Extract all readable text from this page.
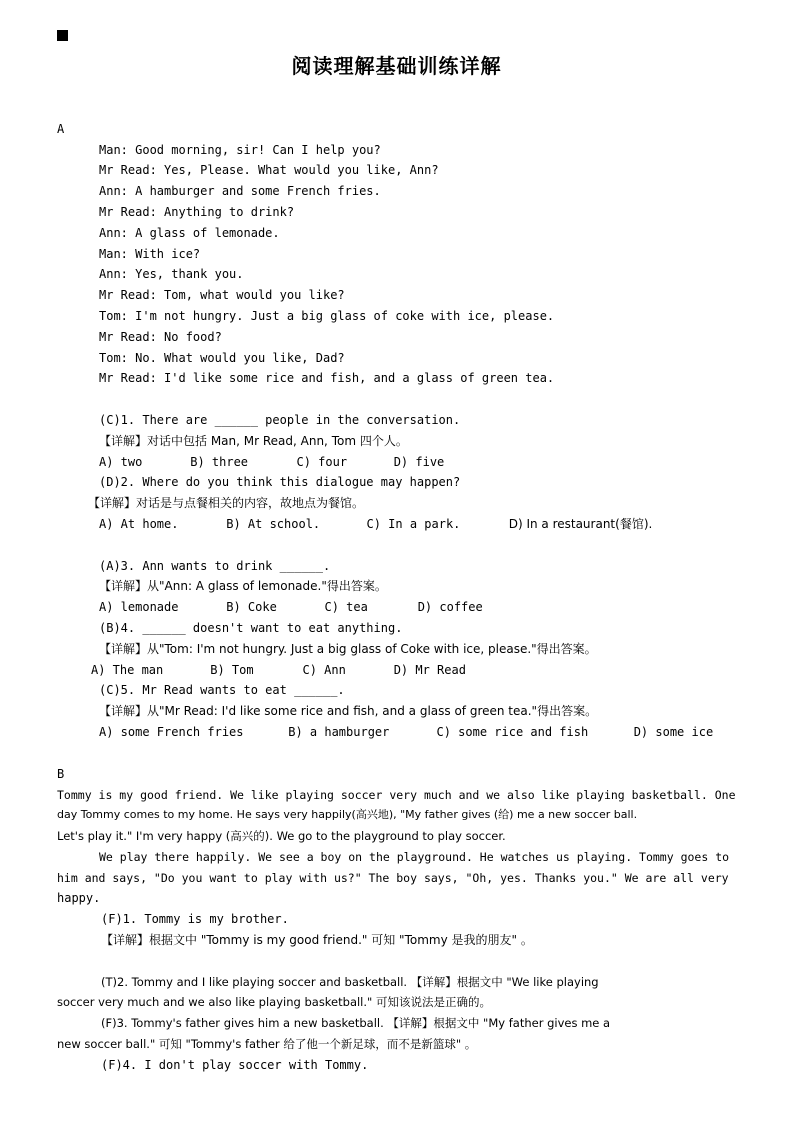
阅读理解基础训练详解
A
Man: Good morning, sir! Can I help you?
Mr Read: Yes, Please. What would you like, Ann?
Ann: A hamburger and some French fries.
Mr Read: Anything to drink?
Ann: A glass of lemonade.
Man: With ice?
Ann: Yes, thank you.
Mr Read: Tom, what would you like?
Tom: I'm not hungry. Just a big glass of coke with ice, please.
Mr Read: No food?
Tom: No. What would you like, Dad?
Mr Read: I'd like some rice and fish, and a glass of green tea.
(C)1. There are ______ people in the conversation.
【详解】对话中包括 Man, Mr Read, Ann, Tom 四个人。
A) two	B) three	C) four	D) five
(D)2. Where do you think this dialogue may happen?
【详解】对话是与点餐相关的内容，故地点为餐馆。
A) At home.	B) At school.	C) In a park.	D) In a restaurant(餐馆).
(A)3. Ann wants to drink ______.
【详解】从"Ann: A glass of lemonade."得出答案。
A) lemonade	B) Coke	C) tea	D) coffee
(B)4. ______ doesn't want to eat anything.
【详解】从"Tom: I'm not hungry. Just a big glass of Coke with ice, please."得出答案。
A) The man	B) Tom	C) Ann	D) Mr Read
(C)5. Mr Read wants to eat ______.
【详解】从"Mr Read: I'd like some rice and fish, and a glass of green tea."得出答案。
A) some French fries	B) a hamburger	C) some rice and fish	D) some ice
B
Tommy is my good friend. We like playing soccer very much and we also like playing basketball. One
day Tommy comes to my home. He says very happily(高兴地), "My father gives (给) me a new soccer ball.
Let's play it." I'm very happy (高兴的). We go to the playground to play soccer.
We play there happily. We see a boy on the playground. He watches us playing. Tommy goes to
him and says, "Do you want to play with us?" The boy says, "Oh, yes. Thanks you." We are all very
happy.
(F)1. Tommy is my brother.
【详解】根据文中 "Tommy is my good friend." 可知 "Tommy 是我的朋友" 。
(T)2. Tommy and I like playing soccer and basketball. 【详解】根据文中 "We like playing
soccer very much and we also like playing basketball." 可知该说法是正确的。
(F)3. Tommy's father gives him a new basketball. 【详解】根据文中 "My father gives me a
new soccer ball." 可知 "Tommy's father 给了他一个新足球，而不是新篮球" 。
(F)4. I don't play soccer with Tommy.
